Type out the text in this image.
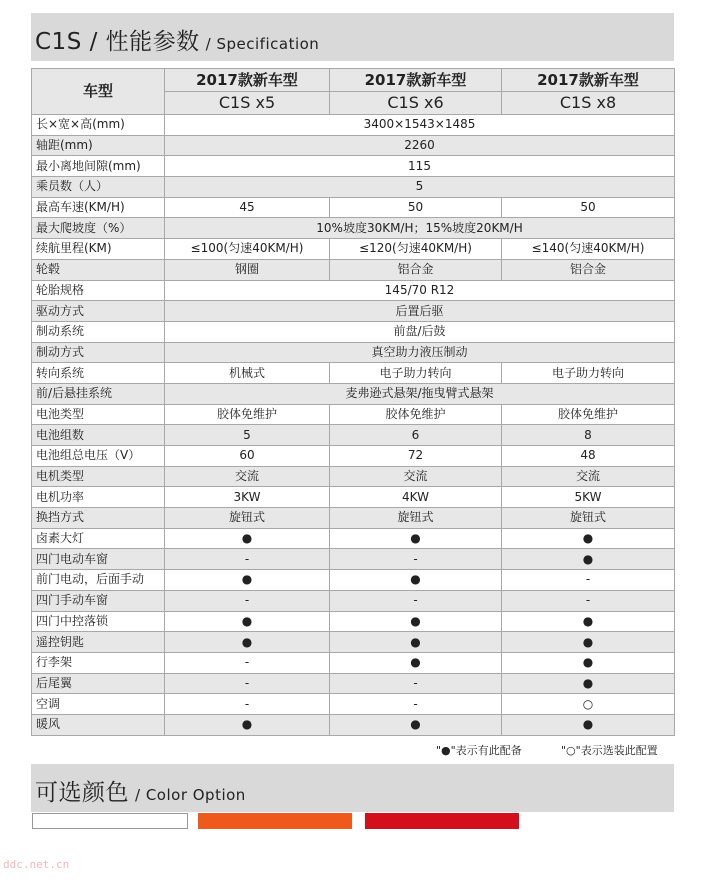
C1S / 性能参数 / Specification
车型	2017款新车型	2017款新车型	2017款新车型
	C1S x5	C1S x6	C1S x8
长×宽×高(mm)	3400×1543×1485		
轴距(mm)	2260		
最小离地间隙(mm)	115		
乘员数（人）	5		
最高车速(KM/H)	45	50	50
最大爬坡度（%）	10%坡度30KM/H；15%坡度20KM/H		
续航里程(KM)	≤100(匀速40KM/H)	≤120(匀速40KM/H)	≤140(匀速40KM/H)
轮毂	钢圈	铝合金	铝合金
轮胎规格	145/70 R12		
驱动方式	后置后驱		
制动系统	前盘/后鼓		
制动方式	真空助力液压制动		
转向系统	机械式	电子助力转向	电子助力转向
前/后悬挂系统	麦弗逊式悬架/拖曳臂式悬架		
电池类型	胶体免维护	胶体免维护	胶体免维护
电池组数	5	6	8
电池组总电压（V）	60	72	48
电机类型	交流	交流	交流
电机功率	3KW	4KW	5KW
换挡方式	旋钮式	旋钮式	旋钮式
卤素大灯	●	●	●
四门电动车窗	-	-	●
前门电动，后面手动	●	●	-
四门手动车窗	-	-	-
四门中控落锁	●	●	●
遥控钥匙	●	●	●
行李架	-	●	●
后尾翼	-	-	●
空调	-	-	○
暖风	●	●	●
"●"表示有此配备	"○"表示选装此配置
可选颜色 / Color Option
ddc.net.cn
